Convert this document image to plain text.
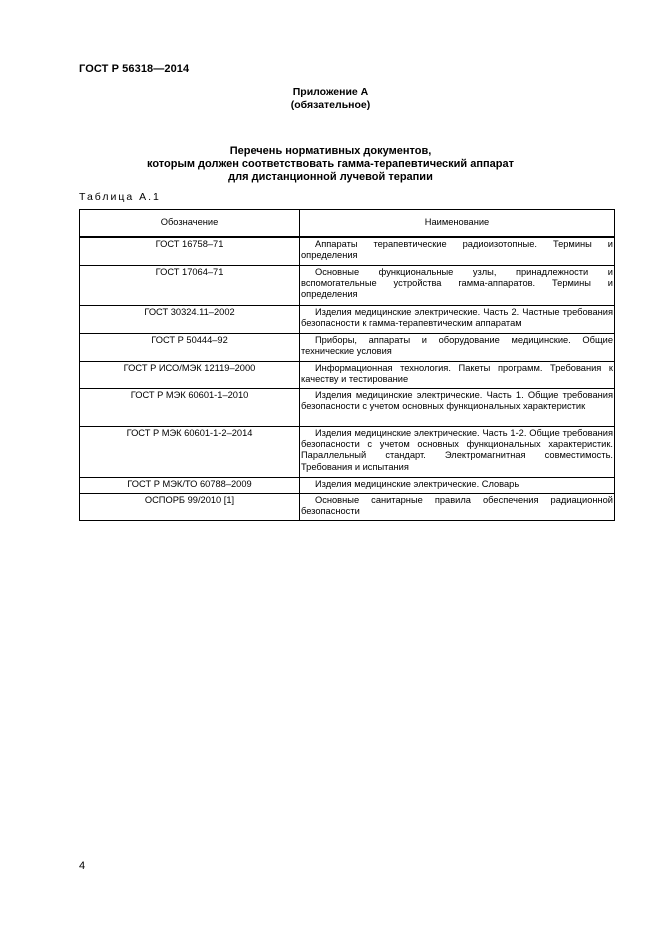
ГОСТ Р 56318—2014
Приложение А
(обязательное)
Перечень нормативных документов,
которым должен соответствовать гамма-терапевтический аппарат
для дистанционной лучевой терапии
Таблица А.1
Обозначение	Наименование
ГОСТ 16758–71	Аппараты терапевтические радиоизотопные. Термины и определения

ГОСТ 17064–71	Основные функциональные узлы, принадлежности и вспомогательные устройства гамма-аппаратов. Термины и определения

ГОСТ 30324.11–2002	Изделия медицинские электрические. Часть 2. Частные требования безопасности к гамма-терапевтическим аппаратам

ГОСТ Р 50444–92	Приборы, аппараты и оборудование медицинские. Общие технические условия

ГОСТ Р ИСО/МЭК 12119–2000	Информационная технология. Пакеты программ. Требования к качеству и тестирование

ГОСТ Р МЭК 60601-1–2010	Изделия медицинские электрические. Часть 1. Общие требования безопасности с учетом основных функциональных характеристик

ГОСТ Р МЭК 60601-1-2–2014	Изделия медицинские электрические. Часть 1-2. Общие требования безопасности с учетом основных функциональных характеристик. Параллельный стандарт. Электромагнитная совместимость. Требования и испытания

ГОСТ Р МЭК/ТО 60788–2009	Изделия медицинские электрические. Словарь

ОСПОРБ 99/2010 [1]	Основные санитарные правила обеспечения радиационной безопасности
4
